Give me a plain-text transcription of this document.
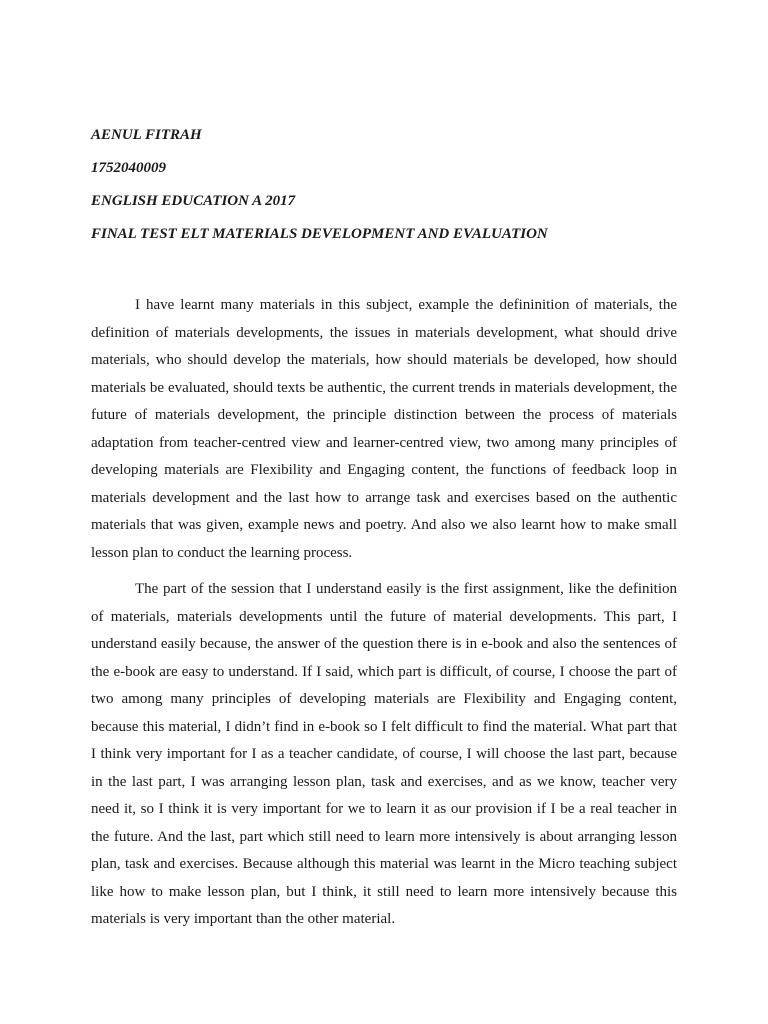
AENUL FITRAH
1752040009
ENGLISH EDUCATION A 2017
FINAL TEST ELT MATERIALS DEVELOPMENT AND EVALUATION

I have learnt many materials in this subject, example the defininition of materials, the definition of materials developments, the issues in materials development, what should drive materials, who should develop the materials, how should materials be developed, how should materials be evaluated, should texts be authentic, the current trends in materials development, the future of materials development, the principle distinction between the process of materials adaptation from teacher-centred view and learner-centred view, two among many principles of developing materials are Flexibility and Engaging content, the functions of feedback loop in materials development and the last how to arrange task and exercises based on the authentic materials that was given, example news and poetry. And also we also learnt how to make small lesson plan to conduct the learning process.

The part of the session that I understand easily is the first assignment, like the definition of materials, materials developments until the future of material developments. This part, I understand easily because, the answer of the question there is in e-book and also the sentences of the e-book are easy to understand. If I said, which part is difficult, of course, I choose the part of two among many principles of developing materials are Flexibility and Engaging content, because this material, I didn’t find in e-book so I felt difficult to find the material. What part that I think very important for I as a teacher candidate, of course, I will choose the last part, because in the last part, I was arranging lesson plan, task and exercises, and as we know, teacher very need it, so I think it is very important for we to learn it as our provision if I be a real teacher in the future. And the last, part which still need to learn more intensively is about arranging lesson plan, task and exercises. Because although this material was learnt in the Micro teaching subject like how to make lesson plan, but I think, it still need to learn more intensively because this materials is very important than the other material.
